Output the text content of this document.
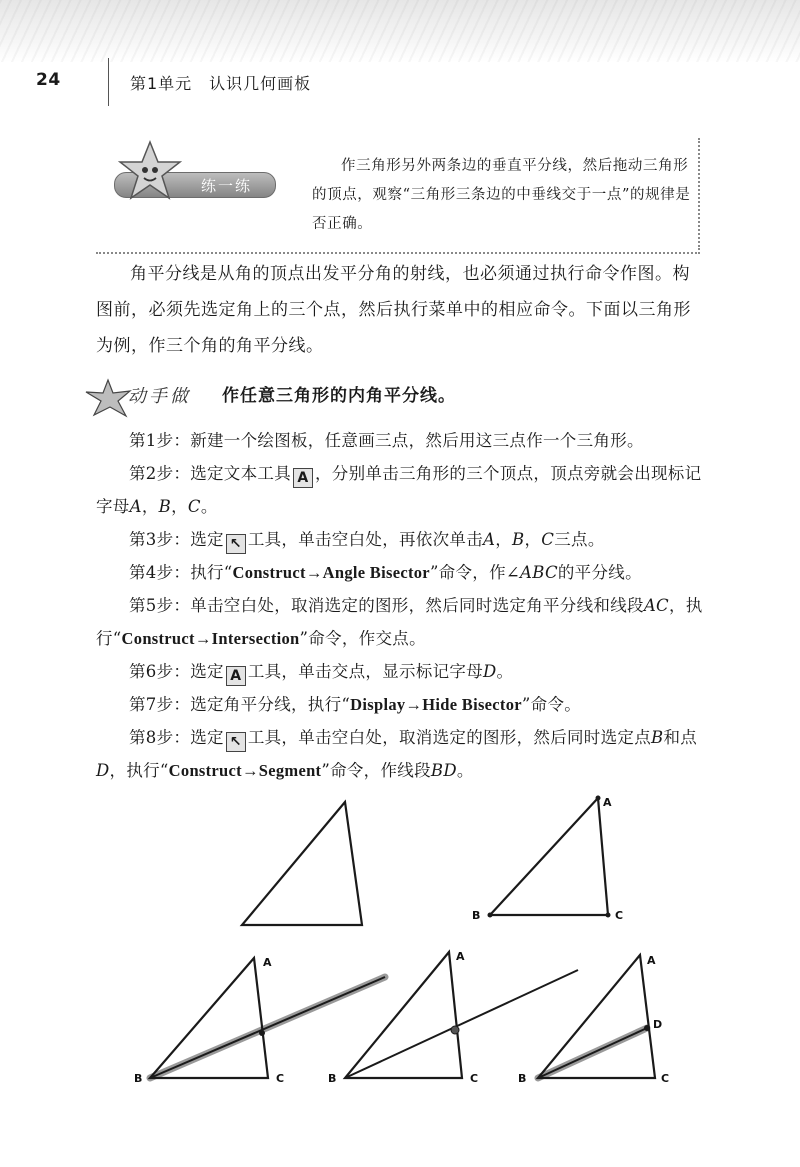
24	第1单元　认识几何画板
练一练
作三角形另外两条边的垂直平分线，然后拖动三角形的顶点，观察“三角形三条边的中垂线交于一点”的规律是否正确。

角平分线是从角的顶点出发平分角的射线，也必须通过执行命令作图。构图前，必须先选定角上的三个点，然后执行菜单中的相应命令。下面以三角形为例，作三个角的角平分线。

动手做 作任意三角形的内角平分线。

第1步：新建一个绘图板，任意画三点，然后用这三点作一个三角形。

第2步：选定文本工具 A ，分别单击三角形的三个顶点，顶点旁就会出现标记字母A，B，C。

第3步：选定 ↖ 工具，单击空白处，再依次单击A，B，C三点。

第4步：执行“Construct→Angle Bisector”命令，作∠ABC的平分线。

第5步：单击空白处，取消选定的图形，然后同时选定角平分线和线段AC，执行“Construct→Intersection”命令，作交点。

第6步：选定 A 工具，单击交点，显示标记字母D。

第7步：选定角平分线，执行“Display→Hide Bisector”命令。

第8步：选定 ↖ 工具，单击空白处，取消选定的图形，然后同时选定点B和点D，执行“Construct→Segment”命令，作线段BD。

A
B	C
A
B	C
A
B	C
A
B	C
D
